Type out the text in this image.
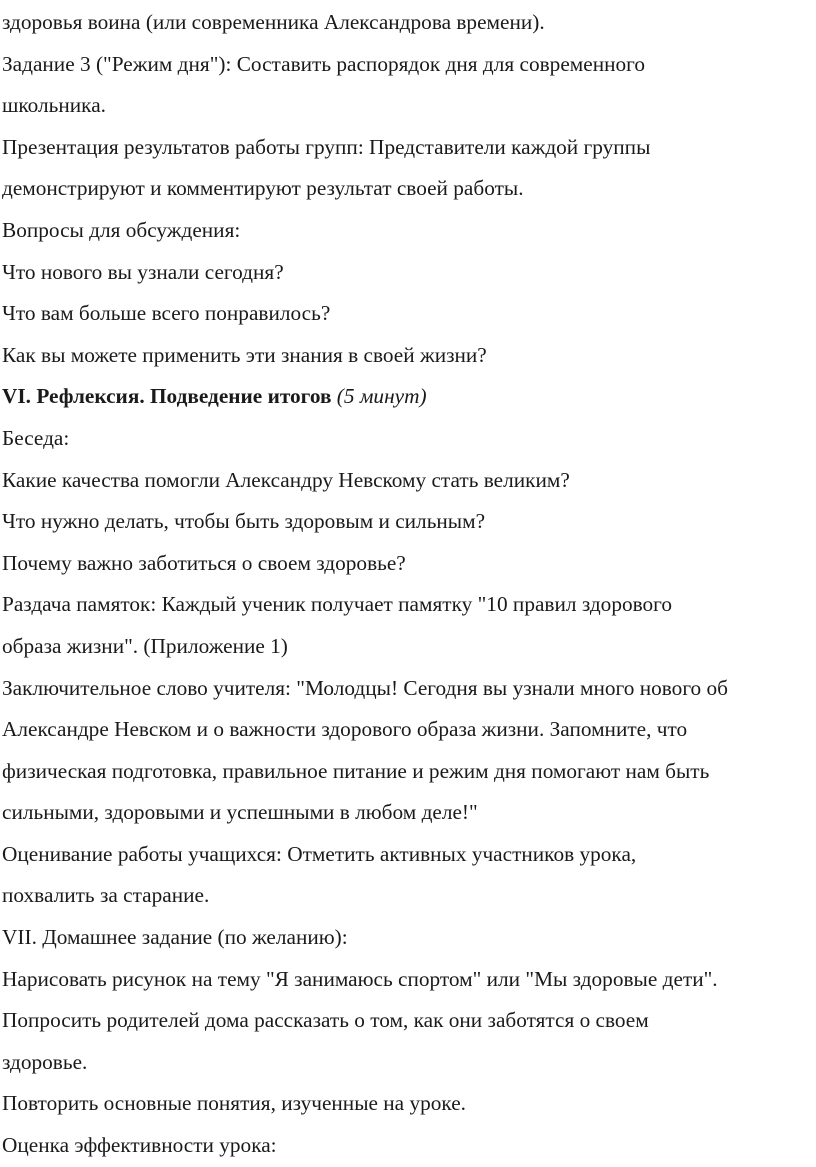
здоровья воина (или современника Александрова времени).
Задание 3 ("Режим дня"): Составить распорядок дня для современного
школьника.
Презентация результатов работы групп: Представители каждой группы
демонстрируют и комментируют результат своей работы.
Вопросы для обсуждения:
Что нового вы узнали сегодня?
Что вам больше всего понравилось?
Как вы можете применить эти знания в своей жизни?
VI. Рефлексия. Подведение итогов (5 минут)
Беседа:
Какие качества помогли Александру Невскому стать великим?
Что нужно делать, чтобы быть здоровым и сильным?
Почему важно заботиться о своем здоровье?
Раздача памяток: Каждый ученик получает памятку "10 правил здорового
образа жизни". (Приложение 1)
Заключительное слово учителя: "Молодцы! Сегодня вы узнали много нового об
Александре Невском и о важности здорового образа жизни. Запомните, что
физическая подготовка, правильное питание и режим дня помогают нам быть
сильными, здоровыми и успешными в любом деле!"
Оценивание работы учащихся: Отметить активных участников урока,
похвалить за старание.
VII. Домашнее задание (по желанию):
Нарисовать рисунок на тему "Я занимаюсь спортом" или "Мы здоровые дети".
Попросить родителей дома рассказать о том, как они заботятся о своем
здоровье.
Повторить основные понятия, изученные на уроке.
Оценка эффективности урока:
